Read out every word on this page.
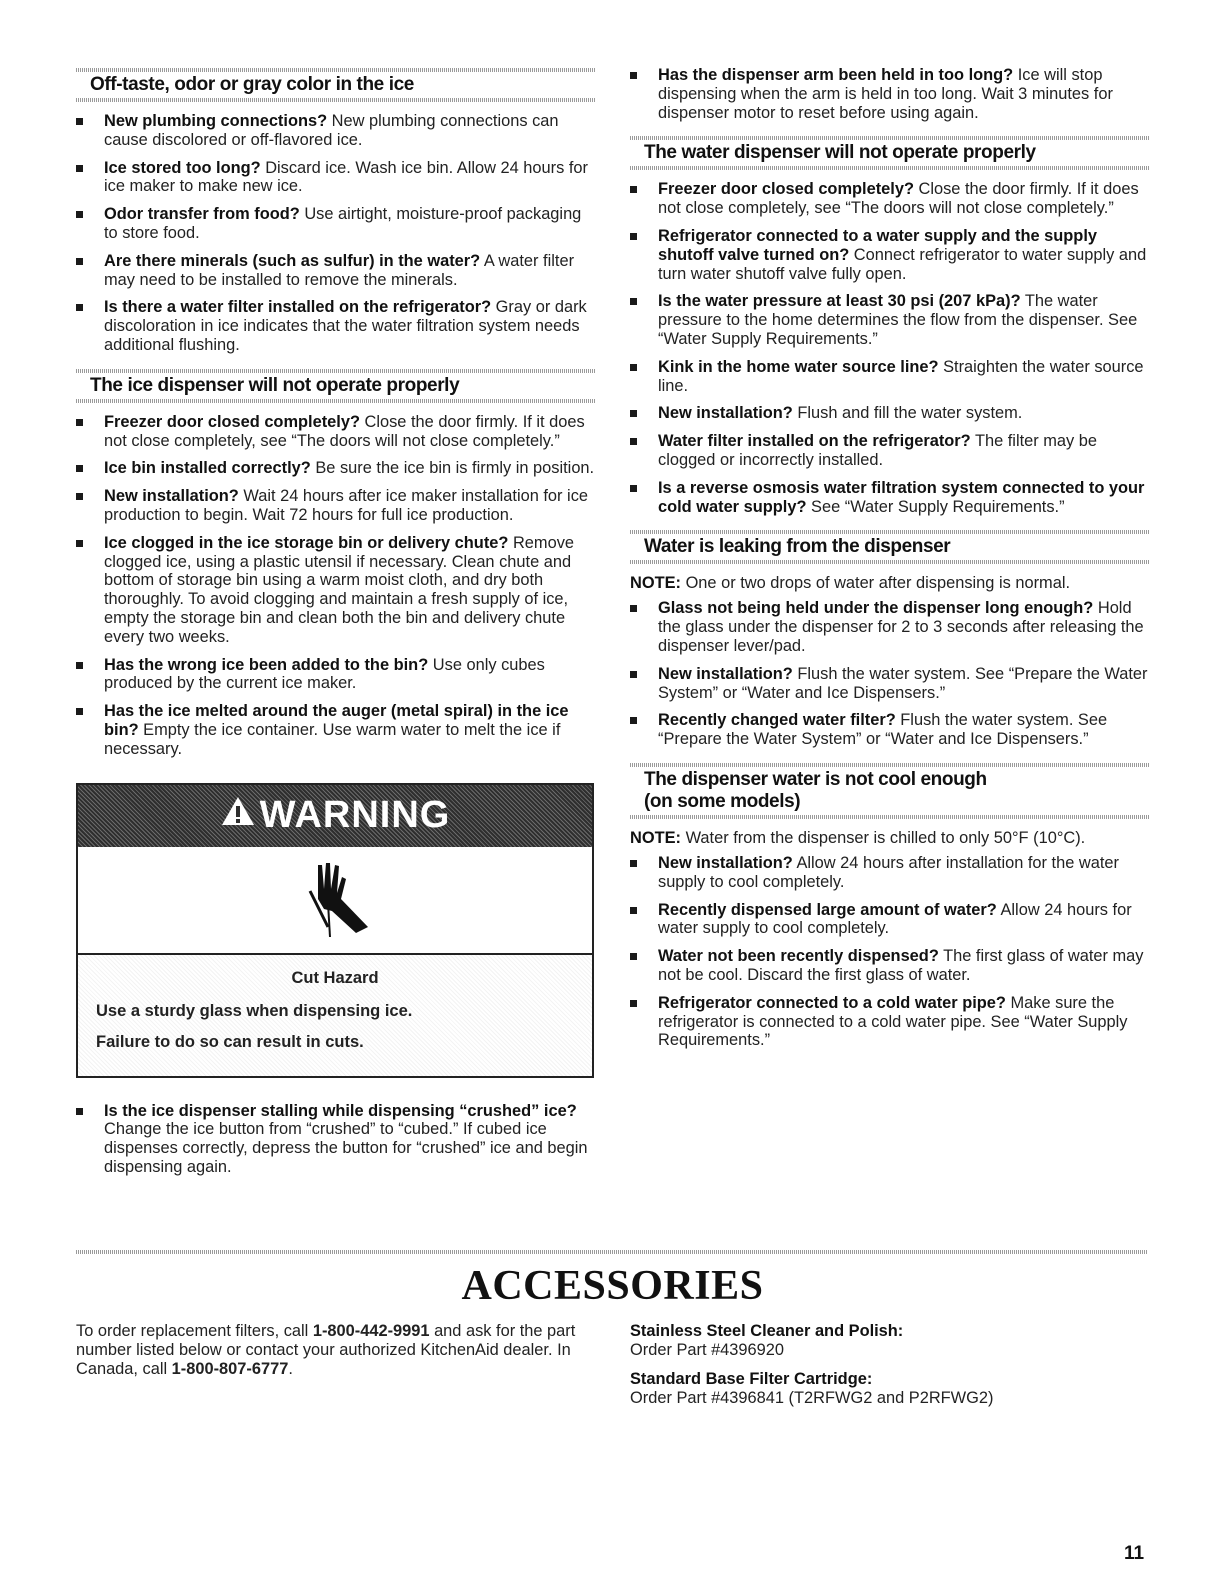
Off-taste, odor or gray color in the ice
New plumbing connections? New plumbing connections can cause discolored or off-flavored ice.
Ice stored too long? Discard ice. Wash ice bin. Allow 24 hours for ice maker to make new ice.
Odor transfer from food? Use airtight, moisture-proof packaging to store food.
Are there minerals (such as sulfur) in the water? A water filter may need to be installed to remove the minerals.
Is there a water filter installed on the refrigerator? Gray or dark discoloration in ice indicates that the water filtration system needs additional flushing.
The ice dispenser will not operate properly
Freezer door closed completely? Close the door firmly. If it does not close completely, see “The doors will not close completely.”
Ice bin installed correctly? Be sure the ice bin is firmly in position.
New installation? Wait 24 hours after ice maker installation for ice production to begin. Wait 72 hours for full ice production.
Ice clogged in the ice storage bin or delivery chute? Remove clogged ice, using a plastic utensil if necessary. Clean chute and bottom of storage bin using a warm moist cloth, and dry both thoroughly. To avoid clogging and maintain a fresh supply of ice, empty the storage bin and clean both the bin and delivery chute every two weeks.
Has the wrong ice been added to the bin? Use only cubes produced by the current ice maker.
Has the ice melted around the auger (metal spiral) in the ice bin? Empty the ice container. Use warm water to melt the ice if necessary.
WARNING
Cut Hazard
Use a sturdy glass when dispensing ice.
Failure to do so can result in cuts.
Is the ice dispenser stalling while dispensing “crushed” ice? Change the ice button from “crushed” to “cubed.” If cubed ice dispenses correctly, depress the button for “crushed” ice and begin dispensing again.
Has the dispenser arm been held in too long? Ice will stop dispensing when the arm is held in too long. Wait 3 minutes for dispenser motor to reset before using again.
The water dispenser will not operate properly
Freezer door closed completely? Close the door firmly. If it does not close completely, see “The doors will not close completely.”
Refrigerator connected to a water supply and the supply shutoff valve turned on? Connect refrigerator to water supply and turn water shutoff valve fully open.
Is the water pressure at least 30 psi (207 kPa)? The water pressure to the home determines the flow from the dispenser. See “Water Supply Requirements.”
Kink in the home water source line? Straighten the water source line.
New installation? Flush and fill the water system.
Water filter installed on the refrigerator? The filter may be clogged or incorrectly installed.
Is a reverse osmosis water filtration system connected to your cold water supply? See “Water Supply Requirements.”
Water is leaking from the dispenser

NOTE: One or two drops of water after dispensing is normal.

Glass not being held under the dispenser long enough? Hold the glass under the dispenser for 2 to 3 seconds after releasing the dispenser lever/pad.
New installation? Flush the water system. See “Prepare the Water System” or “Water and Ice Dispensers.”
Recently changed water filter? Flush the water system. See “Prepare the Water System” or “Water and Ice Dispensers.”
The dispenser water is not cool enough
(on some models)

NOTE: Water from the dispenser is chilled to only 50°F (10°C).

New installation? Allow 24 hours after installation for the water supply to cool completely.
Recently dispensed large amount of water? Allow 24 hours for water supply to cool completely.
Water not been recently dispensed? The first glass of water may not be cool. Discard the first glass of water.
Refrigerator connected to a cold water pipe? Make sure the refrigerator is connected to a cold water pipe. See “Water Supply Requirements.”
ACCESSORIES
To order replacement filters, call 1-800-442-9991 and ask for the part number listed below or contact your authorized KitchenAid dealer. In Canada, call 1-800-807-6777.
Stainless Steel Cleaner and Polish:
Order Part #4396920
Standard Base Filter Cartridge:
Order Part #4396841 (T2RFWG2 and P2RFWG2)
11
